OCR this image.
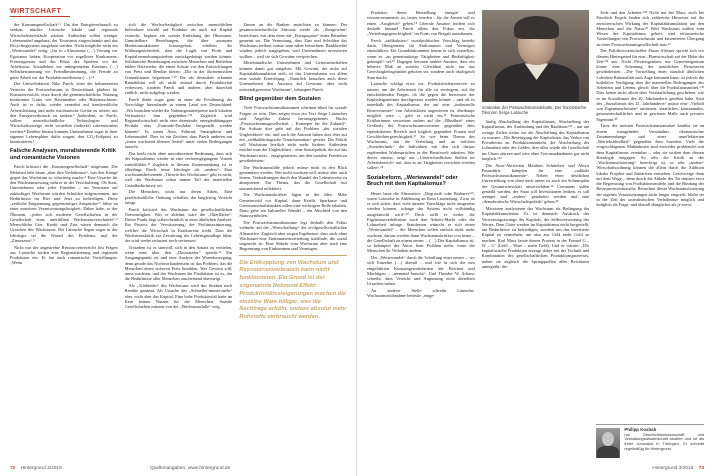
WIRTSCHAFT

der Konsumgesellschaft“.¹ Um den Energieverbrauch zu senken, müchte Latouche lokale und regionale Wirtschaftskreisläufe stärken. Außerdem sollen weniger Lebensmittel angebaut, der Tourismus eingeschränkt und das Recyclingsystem ausgebaut werden. Nicht mögliche nicht ein „Wertewandel“ nötig: „Im so »Altruismus (…) Vorrang vor Egoismus haben, Kooperation vor zugelloser Konkurrenz, Freizeitgenuss und das Ethos des Spielens vor der Arbeitswut, Sozialleben vor unbegrenztem Konsum, (…) Selbstbestimmung vor Fremdbestimmung, die Freude an guter Arbeit vor der Produktionseffizienz (…).“²

Der Umweltaktivist Niko Paech, einer der bekanntesten Vertreter der Postwachstums in Deutschland, plädiert für Konsumverzicht, etwa durch die gemeinschaftliche Nutzung bestimmter Güter wie Rasenmäher oder Bohrmaschinen. Auch ist er dafür, wieder vermehrt auf handwerkliche Arbeitsleistung und mehr mechanische Geräte zu setzen, um den Energieverbrauch zu senken.³ Außerdem, so Paech, sollten umweltschädliche Technologien und Wirtschaftszweige nicht weiterhin (indirekt) subventioniert werden.⁴ Darüber hinaus könnten Unternehmen sogar in ihrer eigenen Lebensphäre dafür sorgen, den CO₂-Fußprint zu konstruieren.⁵

Falsche Analysen, moralisierende Kritik und romantische Visionen

Paech kritisiert die „Konsumgesellschaft“ insgesamt. Die Mehrheit lebe heute „über ihre Verhältnisse“, was den Kampf gegen das Wachstum so schwierig mache.⁶ Eine Ursache für den Wachstumszwang sieht er in der Verschuldung. Ob Staat, Unternehmen oder jeder Einzelne – im Vertrauen auf zukünftiges Wachstum würden Schulden aufgenommen, um Bedürfnisse im Hier und Jetzt zu befriedigen. Diese „zeitliche Entgrenzung gegenwärtiger Ansprüche“⁷ führe zu einer massiven Verantwortungslosigkeit. Daher habe, so der Ökonom, „jeden sich moderne Gesellschaften in der Gesellschaft einer unerfüllten Wachstumsverschärfer“.⁸ Menschliche Gier, Kredit und Zins wären demnach die Ursachen des Wachstums. Bei Latouche liegen sogar in der Ideologie sei die Wurzel des Problems, mal der „Zinseszins“.⁹

Nicht nur der angestrebte Ressourcenverzicht löst Fragen aus. Latouche fordert eine Regionalisierung und regionale Produktion ein. Er hat auch romantische Vorstellungen: „Wenn

sich die Wechselseitigkeit zwischen menschlichen Individuen sowohl auf Produkte als auch auf Kapital erstreckt, beginnt ein soziale Entfaltung der Ökonomie. Unmittelbare Beziehungen, die über anonyme Markttransaktionen hinausgehen, erhöhen die Währungssicherheit, dass die Logik von Profit und Kapitalvermehrungsstreben zurückgedrängt werden könnte. Solidarische Beziehungen zwischen Menschen und Betrieben bilden Netzwerke, die einen Schutz vor den Entwicklungen von Preis und Rendite bieten: „Die in der ökonomischen Transaktionen begrenzen.“¹⁰ Die als destruktiv erkannte Rentabilität soll als nicht einmal durch Produktivität verbessert, sondern Paech und anderer, aber dauerhaft endlich, nicht aufgelegt werden.

Paech denkt sogar ganz in einer die Erwähnung der Vorschläge hierzulande in einem Land wie Deutschland: „Wir brauchen wieder die Nahrungsmittelpreise nach lokalem Verkaufsort ihm gegenüber.“¹¹ Zugleich wird Regionalwirtschaft nicht eine dezentrale, energieabhängiges Produkt aber „Fairtrade-Produkte hergestellt werden können“. Er nennt Auto, Fahrrad, Smartphone und Lebensmittel. Dies ist ein Zeichen, dass Paech anderen nur „einen wachsend kleinen Anteil“ unter vielen Bedingungen braucht.

Das heißt nicht ohne unvorbereitete Bedeutung, dass sich der Kapitalismus wieder in eine verlorengegangene Vorzeit zurückbildet.¹² Zugleich in diesem Zusammenhang ist es allerdings Paech seine Ideologie als „anders“: Eine wachstumsbefreiende „Theorie des Wachstums“ gibt es nicht, weil das Wachstum schon immer Teil der materiellen Grundbedürfnisse sei.

Die Menschen, nicht nur deren Arbeit, Eine gesellschaftliche Ordnung schaffen, die langfristig Verzicht bringt.

Paech kritisiert das Wachstum der gesellschaftlichen Notwendigkeit. Was er ablehnt, wäre die „Oberfläche“. Dieser Punkt liegt wahrscheinlich in einer ähnlichen Analyse: Ein Prozess der Verwässerung, der Profitmaximierung, welcher die Wirtschaft in Konkurrenz treibt. Dass die Wachstumskritik zur Zerstörung der Lebensgrundlage führt, der wird weder reduziert noch verbessert.

Trotzdem ist es sinnvoll, sich in den Ansatz zu vertiefen, wenn man über den „Dinosaurier“ spricht.¹³ Ein Ausgangspunkt sei und eine Analyse der Warenbewegung, denn gerade das Nichtvorhandensein ist das Problem, das die Menschen einen sicheren Preis bezahlen. Wer Gewinn will, muss wachsen, und das Wachstum der Produktion ist es, das die Bedürfnisse aller Menschen anscheinend übersteigt.

Als „Triebfeder“ des Wachstums wird das Streben nach Rendite genannt. Als Ursache des „Schneller-immer-mehr“ aber, nicht aber das Kapital. Eine hohe Produktivität hatte im Kern keinen Nutzen für die Menschen. Soziale Gesellschaften müssen von der „Wachstumsfalle“ weg.

Zinsen an die Banken entrichten zu können. Der gesamtwirtschaftliche Zinssatz werde als „Zinsgewinn“ bezeichnet, mit dem einer die „Ertragsquote“ eines Betriebes gemeint sei. Die Vermutung, dass Zins und Schulden das Wachstum treiben, müsse man näher betrachten. Bankkredite würden jedoch ausgegeben, weil Unternehmen investieren wollten – weil sie sich Gewinne versprechen.

Mittelständische Unternehmen und Genossenschaften können damit gut umgehen. Mit Gewinn, der nicht auf Kapitalakkumulation zielt, ist das Unternehmen vor allem eine soziale Einrichtung. „Natürlich brauchen auch diese Unternehmen den Ausstoss auf Gewinne, aber nicht notwendigerweise Wachstum“, behauptet Paech.

Blind gegenüber dem Sozialen

Viele Postwachstumsökonomen scheinen blind für soziale Fragen zu sein. Dies zeigen etwa ein Text Serge Latouches und Angelika Zahrnt herausgegebenes Buchs „Postwachstumsgesellschaft – Konzepte für die Zukunft“. Ein Aufsatz dort geht auf das Problem „der sozialen Ungleichheit“ ein, und auch die Autoren haben dort eher auf ein „radikalökologische Transformation“ gesetzt. Die Politik soll Wachstum letztlich nicht mehr fördern. Außerdem möchte man der Ungleichheit – eine Sozialpolitik, die auf das Wachstum setzt – entgegentreten, um den sozialen Frieden zu gewährleisten.

Die Wachstumsfälle jedoch müsse nicht in den Blick genommen werden. Wer nicht wachsen will, müsse aber auch lernen, Veränderungen durch den Wandel der Lebensweise zu akzeptieren. Ein Thema, das die Gesellschaft nur unzureichend reflektiert.

Die Wachstumskritiker lägen in der Idee: Mehr Gemeinwohl vor Kapital, dann Kredit, Sparkasse und Genossenschaftsbanken sollen eine wichtigere Rolle erhalten. Dazu gehe ein kultureller Wandel – ein Abschied von den Statussymbolen.

Die Postwachstumsökonomie legt deshalb den Fokus vielmehr auf die „Wertschaffung“ der zivilgesellschaftlichen Alternative. Zugleich aber zeigen Ergebnisse, dass auch ohne Wachstum eine Einkommensverteilung stattfinde, die sozial ungerecht ist. Eine Abkehr vom Wachstum aber auch eine Begrenzung von Einkommen und Vermögen.

Die Entkopplung von Wachstum und Ressourcenverbrauch kann nicht funktionieren. Ein Grund ist der sogenannte Rebound-Effekt: Produktivitätssteigerungen machen die einzelne Ware billiger, was die Nachfrage erhöht, sodass absolut mehr Rohstoffe verbraucht werden.
72 Hintergrund 3/2016	Quellenangaben: www.hintergrund.de

Produkte, deren Herstellung energie- und ressourcenintensiv ist, teurer werden – für die Armen soll es einen „Ausgleich“ geben.¹⁴ Liberale Ansätze fordern sich deshalb himmel Paech allein den Fokus ein, die „Verteilungsgerechtigkeit“ im Form von Bergab auszubauen.

Paech „radikalisiert“ sozialpolitischer Vorschlag bezieht darin, Obergrenzen für Einkommen und Vermögen einzuführen. Ein Grundeinkommen könne er sich vorstellen, wenn es „an gemeinnützige Tätigkeiten und Bedürftigkeit geknüpft“ sei.¹⁵ Dagegen betonen andere Ansätze, dass ein höheres Maß an sozialer Gleichheit nicht nur aus Gerechtigkeitsgründen geboten sei, sondern auch ökologisch Sinn macht.

Latouche schlägt etwa vor, Produktivitätsreserven zu nutzen, um die Arbeitszeit für alle zu verringern, auf die entscheidenden Fragen, ob die gegen die Interessen der Kapitaleigentümer durchgesetzt werden könnte – und ob es innerhalb des Kapitalismus, der auf eine „industrielle Reservearmee“ von Arbeitslosen angewiesen ist, überhaupt möglich wäre –, geht er nicht ein.¹⁶ Feministische Kritikerinnen verweisen zudem auf die „Blindheit“ eines Großteils der Postwachstumsvertreter gegenüber dem reproduktiven Bereich und folglich gegenüber Frauen und Geschlechtergerechtigkeit.¹⁷ So wie beim Thema des Wachstums, das die Verteilung und an welchen „Sozialtechnik“ die Individuen mit den sich daraus ergebenden Widersprüchen in der Berufswelt arbeiten. Wer dieser ansetzt, zeigt aus „Unterschiedlichen Stellen im Arbeitsbereich“ auf, dass es an Tätigkeiten verrichtet werden sollen“.¹⁸

Sozialreform, „Wertewandel“ oder Bruch mit dem Kapitalismus?

Heute laute die Alternative: „Degrowth oder Barbarei“¹⁹, warnt Latouche in Anlehnung an Rosa Luxemburg. Zwar ist er sich sicher, dass viele unserer Vorschläge nicht umgesetzt werden können, solange das System nicht vollständig ausgetauscht wird“.²⁰ Doch stellt er weder die Eigentumsverhältnisse noch den Arbeits-Markt oder die Lohnarbeit infrage. Stattdessen wünscht er sich einen „Wertewandel“ – die Menschen sollen einfach nicht mehr wachsen, daraus werden dann Wachstumskritiker von heute – die Gesellschaft zu einem neuen ... (…) Der Kapitalismus ist, so behauptet der Autor, kein Problem mehr, wenn die Menschen ihr Verhalten ändern.

Der „Wertewandel“ durch die Schaffung einer neuen ... wo sich Einzelne (…) überall – und wie in sich die neu eingeführten Konsumgewohnheiten der Reichen und Mächtigen – „niemand braucht“. Und Theodor W. Adorno schreibt, dass Verzicht und Anpassung nicht dieselben Ursachen haben.

An anderer Stelle schreibt Latouche: Wachstumsrücknahme bedeute „einge-

Vordenker der Postwachstumsdebatte: Der französische Ökonom Serge Latouche

läufig Abschaffung der Kapitalismus, Abschaffung des Kapitalismus, der Ausbeutung und des Raubbaus“²¹ – nur um wenige Zeilen weiter vor der Abschaffung des Kapitalismus zu warnen. „Die Beseitigung der Kapitalisten, das Verbot von Privatbesitz an Produktionsmitteln, die Abschaffung der Lohnarbeit oder des Geldes, dies alles würde die Gesellschaft ins Chaos stürzen und wire ohne Terrormaßnahmen gar nicht möglich.“²²

Die Attac-Aktivisten Matthias Schmelzer und Alexis Passadakis kämpfen für eine „radikale Postwachstumsökonomie“. Neben einer deutlichen Umverteilung von oben nach unten ist auch ein Schrumpfen der Gesamtwirtschaft unverzichtbar.²³ Commons sollen gestärkt werden, der Staat soll Investitionen lenken, es soll weniger und „anders“ gearbeitet werden und eine „demokratische Wirtschaftspolitik“ geben.²⁴

Marxisten analysieren das Wachstum als Bedingung der Kapitalakkumulation. Es ist demnach Ausdruck des Verwertungszwangs des Kapitals, der Selbstverwertung des Wertes. Dem Güter werden im Kapitalismus nicht hergestellt, um Bedürfnisse zu befriedigen, sondern um das investierte Kapital zu vermehren, um also aus Geld mehr Geld zu machen. Karl Marx fasste diesen Prozess in der Formel G – W – G’ (Geld – Ware – mehr Geld). Und er warnte: „Die kapitalistische Produktion erzeugt daher mit der Technik und Kombination des gesellschaftlichen Produktionsprozesses, indem sie zugleich die Springquellen alles Reichtums untergräbt: die

Erde und den Arbeiter.“²⁵ Nicht nur bei Marx, auch bei Friedrich Engels finden sich zahlreiche Hinweise auf die zerstörerischen Wirkung der Kapitalakkumulation auf den Menschen und die Natur.²⁶ Weil Wachstum mithin zum Wesen des Kapitalismus gehört, sind reformerische Vorstellungen von Postwachstum und krisenfreien Übergang zu einer Postwachstumsgesellschaft naiv.²⁷

Der Politikwissenschaftler Elmar Altvater spricht sich vor diesem Hintergrund für eine „Planwirtschaft auf der Höhe der Zeit“²⁸ aus. Nicht Privateigentum, nur Gemeineigentum könne eine Schonung der natürlichen Ressourcen gewährleisten. „Die Vorstellung einer staatlich ähnlichen Lohnliste Rationalität zum Zuge kommen kann, ist jedoch die kollektive Verfügung über die materiellen Bedingungen des Arbeitens und Lebens, gleich: über die Produktionsmittel.“²⁹ Dies könne nicht allein über Verstaatlichung geschehen, wie es im Sozialismus des 20. Jahrhunderts gesehen habe. Statt des „Sozialismus des 21. Jahrhunderts“ müsse eine „Vielfalt von Eigentumsformen“ umfassen: staatliches, kommunales, genossenschaftliches und in gewissen Maße auch privates Eigentum.³⁰

Trotz der meisten Postwachstumsansätze krankte sie an einem mangelnden Verständnis ökonomischer Zusammenhänge und einer unreflektierten „Betriebsblindheit“ gegenüber dem Sozialen. Viele der vorgeschlagenen Maßnahmen sind entweder problemlos mit dem Kapitalismus vereinbar – oder sie wirken dem dessen Kernlogik entgegen. So sehr die Kritik an der „Wachstumsfixierung“ berechtigt ist, so sehr „andere“ Wirtschaftsordnung können die allein durch die Addition lokaler Projekte und Initiativen entstehen. Geschweige denn auf dem Wege – denn durch die Abkehr der Tat müssen etwa die Begrenzung von Produktionsmitteln und die Bindung der Ressourcenverbrauchs. Betrachtet dieser Wachstumsfixierung der eigenen Voraussetzungen nicht länger eingreift, bleibt sie in der Zeit der unrealistischen Verhältnisse möglich und lediglich als Frage, und überall dringlicher als je zuvor.

Philipp Kosbab
hat Geschichtswissenschaft und Verwaltungswissenschaft studiert und ist als freier Journalist in Tübingen. Er schreibt regelmäßig für Hintergrund.
Hintergrund 3/2016 73
